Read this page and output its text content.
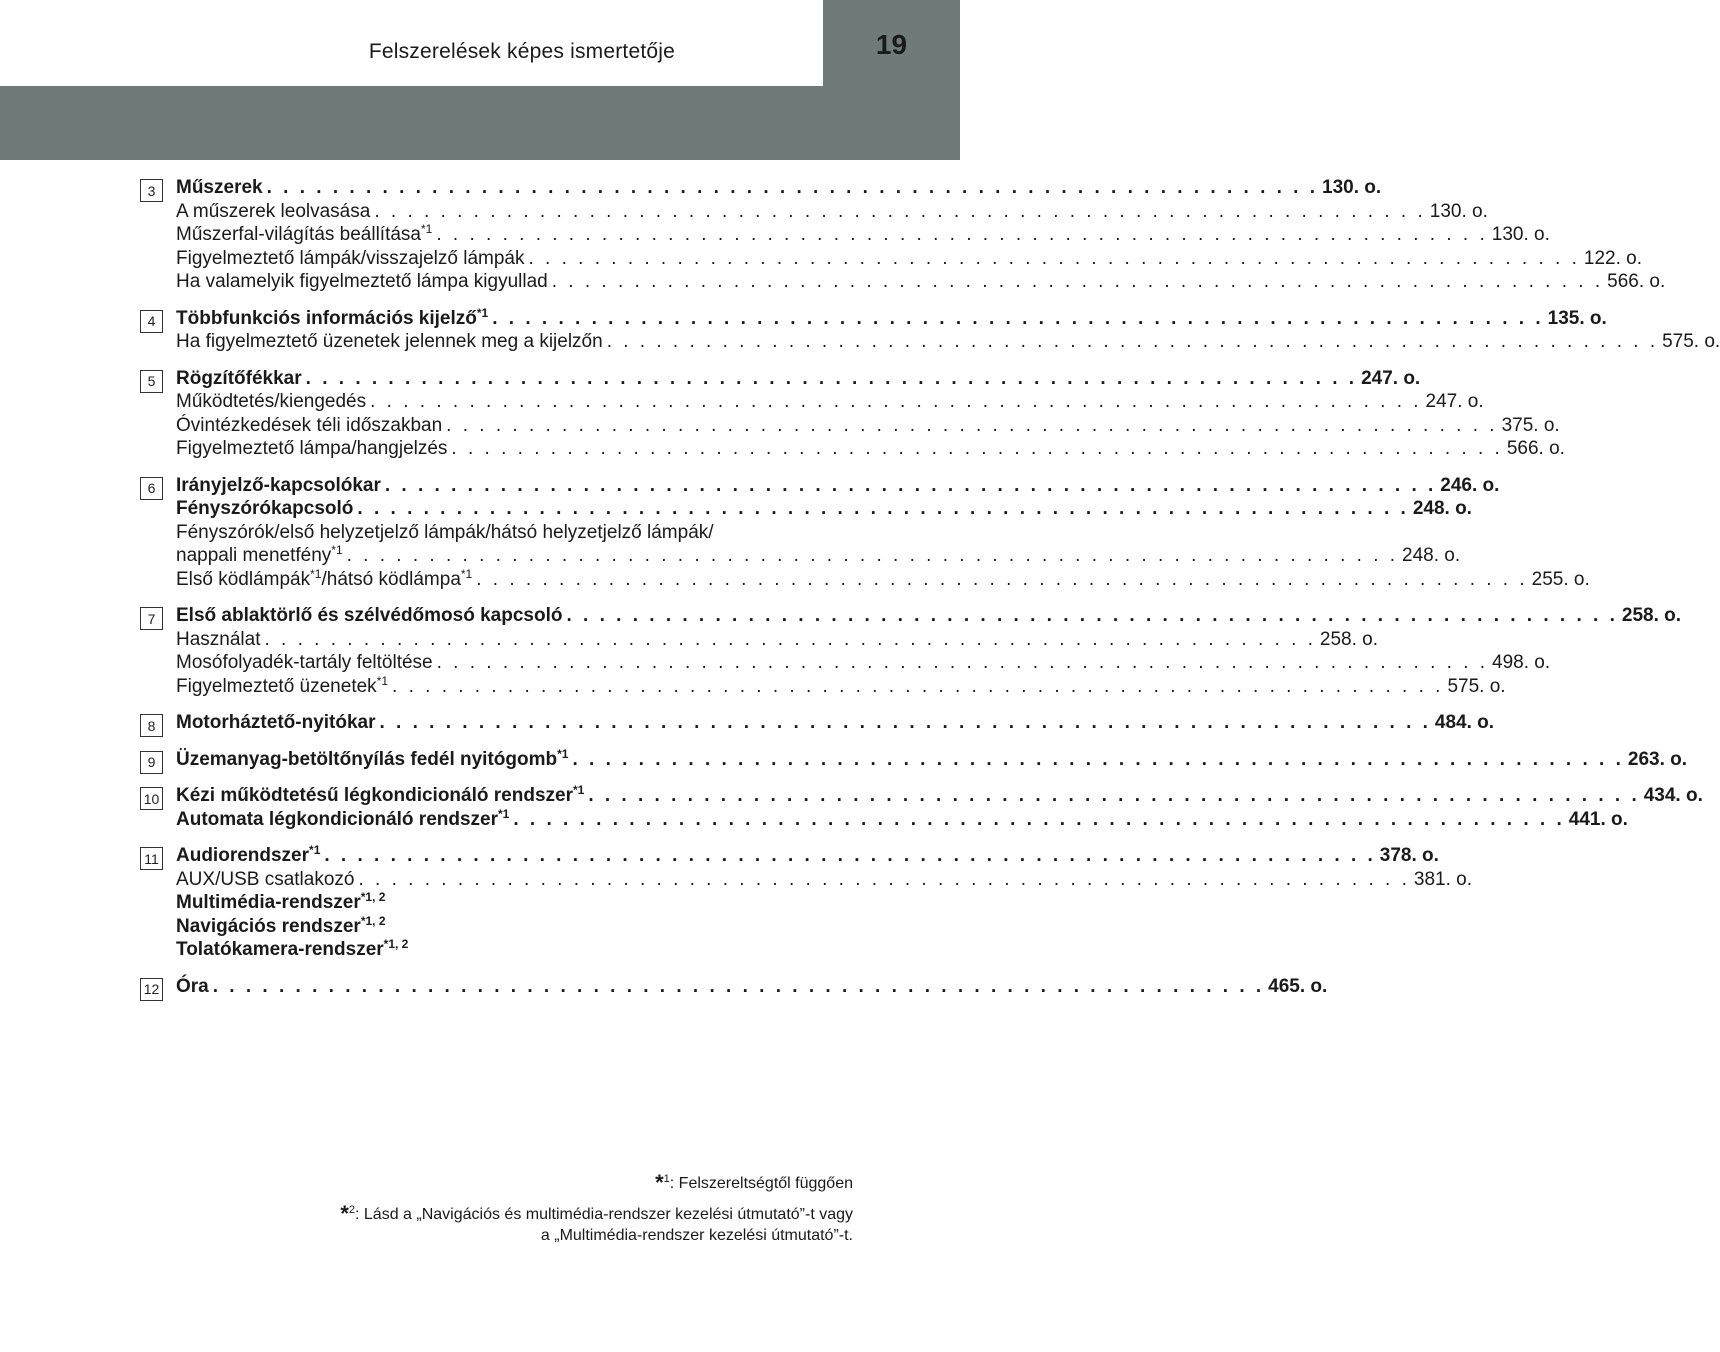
Felszerelések képes ismertetője	19
3	Műszerek . . . . . . . . . . . . . . . . . . . . . . . . . . . . . . . . . . . . . . . . . . . . . . . . . . . . . . . . . . . . . . . . 130. o.
A műszerek leolvasása . . . . . . . . . . . . . . . . . . . . . . . . . . . . . . . . . . . . . . . . . . . . . . . . . . . . . . . . . . . . . . . . 130. o.
Műszerfal-világítás beállítása$^{*1}$ . . . . . . . . . . . . . . . . . . . . . . . . . . . . . . . . . . . . . . . . . . . . . . . . . . . . . . . . . . . . . . . . 130. o.
Figyelmeztető lámpák/visszajelző lámpák . . . . . . . . . . . . . . . . . . . . . . . . . . . . . . . . . . . . . . . . . . . . . . . . . . . . . . . . . . . . . . . . 122. o.
Ha valamelyik figyelmeztető lámpa kigyullad . . . . . . . . . . . . . . . . . . . . . . . . . . . . . . . . . . . . . . . . . . . . . . . . . . . . . . . . . . . . . . . . 566. o.
4	Többfunkciós információs kijelző$^{*1}$ . . . . . . . . . . . . . . . . . . . . . . . . . . . . . . . . . . . . . . . . . . . . . . . . . . . . . . . . . . . . . . . . 135. o.
Ha figyelmeztető üzenetek jelennek meg a kijelzőn . . . . . . . . . . . . . . . . . . . . . . . . . . . . . . . . . . . . . . . . . . . . . . . . . . . . . . . . . . . . . . . . 575. o.
5	Rögzítőfékkar . . . . . . . . . . . . . . . . . . . . . . . . . . . . . . . . . . . . . . . . . . . . . . . . . . . . . . . . . . . . . . . . 247. o.
Működtetés/kiengedés . . . . . . . . . . . . . . . . . . . . . . . . . . . . . . . . . . . . . . . . . . . . . . . . . . . . . . . . . . . . . . . . 247. o.
Óvintézkedések téli időszakban . . . . . . . . . . . . . . . . . . . . . . . . . . . . . . . . . . . . . . . . . . . . . . . . . . . . . . . . . . . . . . . . 375. o.
Figyelmeztető lámpa/hangjelzés . . . . . . . . . . . . . . . . . . . . . . . . . . . . . . . . . . . . . . . . . . . . . . . . . . . . . . . . . . . . . . . . 566. o.
6	Irányjelző-kapcsolókar . . . . . . . . . . . . . . . . . . . . . . . . . . . . . . . . . . . . . . . . . . . . . . . . . . . . . . . . . . . . . . . . 246. o.
Fényszórókapcsoló . . . . . . . . . . . . . . . . . . . . . . . . . . . . . . . . . . . . . . . . . . . . . . . . . . . . . . . . . . . . . . . . 248. o.
Fényszórók/első helyzetjelző lámpák/hátsó helyzetjelző lámpák/
nappali menetfény$^{*1}$ . . . . . . . . . . . . . . . . . . . . . . . . . . . . . . . . . . . . . . . . . . . . . . . . . . . . . . . . . . . . . . . . 248. o.
Első ködlámpák$^{*1}$/hátsó ködlámpa$^{*1}$ . . . . . . . . . . . . . . . . . . . . . . . . . . . . . . . . . . . . . . . . . . . . . . . . . . . . . . . . . . . . . . . . 255. o.
7	Első ablaktörlő és szélvédőmosó kapcsoló . . . . . . . . . . . . . . . . . . . . . . . . . . . . . . . . . . . . . . . . . . . . . . . . . . . . . . . . . . . . . . . . 258. o.
Használat . . . . . . . . . . . . . . . . . . . . . . . . . . . . . . . . . . . . . . . . . . . . . . . . . . . . . . . . . . . . . . . . 258. o.
Mosófolyadék-tartály feltöltése . . . . . . . . . . . . . . . . . . . . . . . . . . . . . . . . . . . . . . . . . . . . . . . . . . . . . . . . . . . . . . . . 498. o.
Figyelmeztető üzenetek$^{*1}$ . . . . . . . . . . . . . . . . . . . . . . . . . . . . . . . . . . . . . . . . . . . . . . . . . . . . . . . . . . . . . . . . 575. o.
8	Motorháztető-nyitókar . . . . . . . . . . . . . . . . . . . . . . . . . . . . . . . . . . . . . . . . . . . . . . . . . . . . . . . . . . . . . . . . 484. o.
9	Üzemanyag-betöltőnyílás fedél nyitógomb$^{*1}$ . . . . . . . . . . . . . . . . . . . . . . . . . . . . . . . . . . . . . . . . . . . . . . . . . . . . . . . . . . . . . . . . 263. o.
10 Kézi működtetésű légkondicionáló rendszer$^{*1}$ . . . . . . . . . . . . . . . . . . . . . . . . . . . . . . . . . . . . . . . . . . . . . . . . . . . . . . . . . . . . . . . . 434. o.
Automata légkondicionáló rendszer$^{*1}$ . . . . . . . . . . . . . . . . . . . . . . . . . . . . . . . . . . . . . . . . . . . . . . . . . . . . . . . . . . . . . . . . 441. o.
11 Audiorendszer$^{*1}$ . . . . . . . . . . . . . . . . . . . . . . . . . . . . . . . . . . . . . . . . . . . . . . . . . . . . . . . . . . . . . . . . 378. o.
AUX/USB csatlakozó . . . . . . . . . . . . . . . . . . . . . . . . . . . . . . . . . . . . . . . . . . . . . . . . . . . . . . . . . . . . . . . . 381. o.
Multimédia-rendszer$^{*1, 2}$
Navigációs rendszer$^{*1, 2}$
Tolatókamera-rendszer$^{*1, 2}$
12 Óra . . . . . . . . . . . . . . . . . . . . . . . . . . . . . . . . . . . . . . . . . . . . . . . . . . . . . . . . . . . . . . . . 465. o.
*$^1$: Felszereltségtől függően
*$^2$: Lásd a „Navigációs és multimédia-rendszer kezelési útmutató”-t vagy
a „Multimédia-rendszer kezelési útmutató”-t.
